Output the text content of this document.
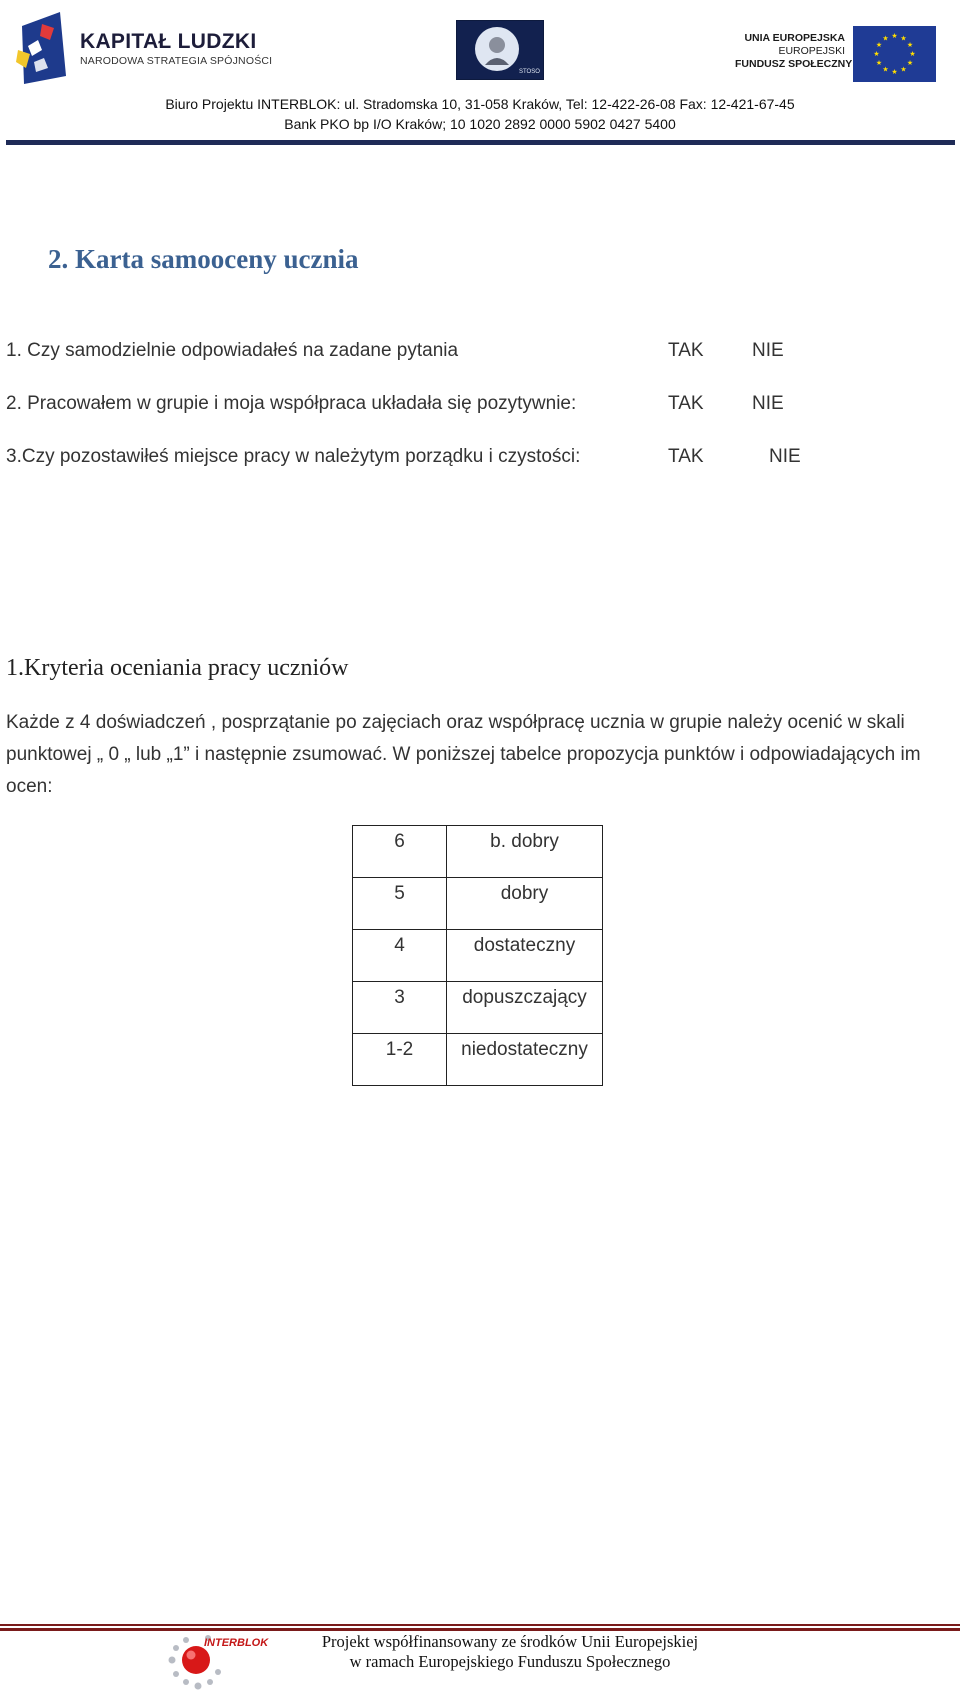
KAPITAŁ LUDZKI
NARODOWA STRATEGIA SPÓJNOŚCI
STOSO
UNIA EUROPEJSKA
EUROPEJSKI
FUNDUSZ SPOŁECZNY
★ ★
★
★
★
★
★
★
★
★
★
★
Biuro Projektu INTERBLOK: ul. Stradomska 10, 31-058 Kraków, Tel: 12-422-26-08 Fax: 12-421-67-45
Bank PKO bp I/O Kraków; 10 1020 2892 0000 5902 0427 5400
2. Karta samooceny ucznia
1. Czy samodzielnie odpowiadałeś na zadane pytania	TAK	NIE
2. Pracowałem w grupie i moja współpraca układała się pozytywnie:	TAK	NIE
3.Czy pozostawiłeś miejsce pracy w należytym porządku i czystości:	TAK	NIE
1.Kryteria oceniania pracy uczniów
Każde z 4 doświadczeń , posprzątanie po zajęciach oraz współpracę ucznia w grupie należy ocenić w skali punktowej „ 0 „ lub „1” i następnie zsumować. W poniższej tabelce propozycja punktów i odpowiadających im ocen:
6	b. dobry
5	dobry
4	dostateczny
3	dopuszczający
1-2	niedostateczny
INTERBLOK	Projekt współfinansowany ze środków Unii Europejskiej
w ramach Europejskiego Funduszu Społecznego
